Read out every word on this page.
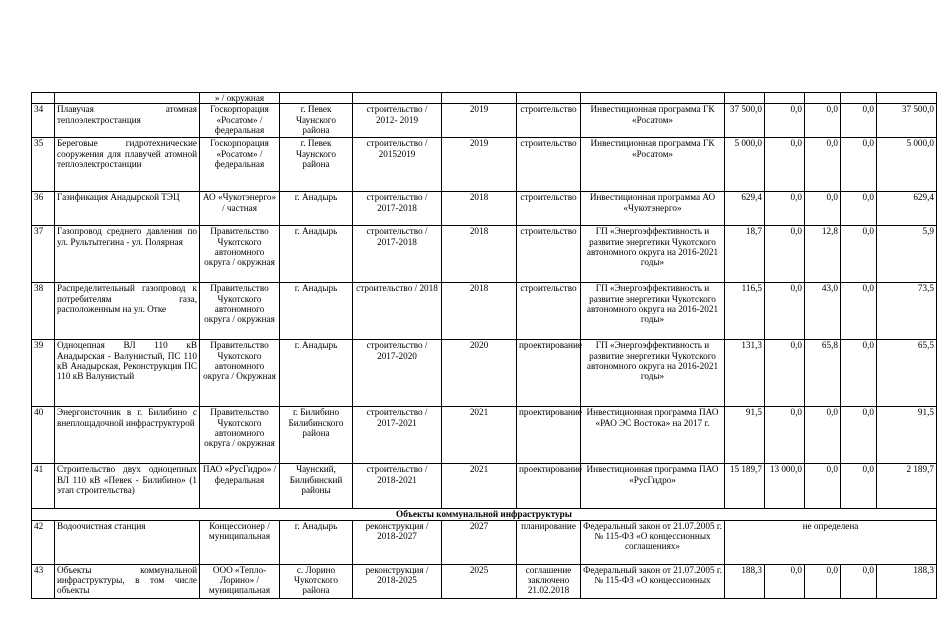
		» / окружная										
34	Плавучая атомная теплоэлектростанция	Госкорпорация «Росатом» / федеральная	г. Певек Чаунского района	строительство / 2012- 2019	2019	строительство	Инвестиционная программа ГК «Росатом»	37 500,0	0,0	0,0	0,0	37 500,0
35	Береговые гидротехнические сооружения для плавучей атомной теплоэлектростанции	Госкорпорация «Росатом» / федеральная	г. Певек Чаунского района	строительство / 20152019	2019	строительство	Инвестиционная программа ГК «Росатом»	5 000,0	0,0	0,0	0,0	5 000,0
36	Газификация Анадырской ТЭЦ	АО «Чукотэнерго» / частная	г. Анадырь	строительство / 2017-2018	2018	строительство	Инвестиционная программа АО «Чукотэнерго»	629,4	0,0	0,0	0,0	629,4
37	Газопровод среднего давления по ул. Рультытегина - ул. Полярная	Правительство Чукотского автономного округа / окружная	г. Анадырь	строительство / 2017-2018	2018	строительство	ГП «Энергоэффективность и развитие энергетики Чукотского автономного округа на 2016-2021 годы»	18,7	0,0	12,8	0,0	5,9
38	Распределительный газопровод к потребителям газа, расположенным на ул. Отке	Правительство Чукотского автономного округа / окружная	г. Анадырь	строительство / 2018	2018	строительство	ГП «Энергоэффективность и развитие энергетики Чукотского автономного округа на 2016-2021 годы»	116,5	0,0	43,0	0,0	73,5
39	Одноцепная ВЛ 110 кВ Анадырская - Валунистый, ПС 110 кВ Анадырская, Реконструкция ПС 110 кВ Валунистый	Правительство Чукотского автономного округа / Окружная	г. Анадырь	строительство / 2017-2020	2020	проектирование	ГП «Энергоэффективность и развитие энергетики Чукотского автономного округа на 2016-2021 годы»	131,3	0,0	65,8	0,0	65,5
40	Энергоисточник в г. Билибино с внеплощадочной инфраструктурой	Правительство Чукотского автономного округа / окружная	г. Билибино Билибинского района	строительство / 2017-2021	2021	проектирование	Инвестиционная программа ПАО «РАО ЭС Востока» на 2017 г.	91,5	0,0	0,0	0,0	91,5
41	Строительство двух одноцепных ВЛ 110 кВ «Певек - Билибино» (1 этап строительства)	ПАО «РусГидро» / федеральная	Чаунский, Билибинский районы	строительство / 2018-2021	2021	проектирование	Инвестиционная программа ПАО «РусГидро»	15 189,7	13 000,0	0,0	0,0	2 189,7
Объекты коммунальной инфраструктуры												
42	Водоочистная станция	Концессионер / муниципальная	г. Анадырь	реконструкция / 2018-2027	2027	планирование	Федеральный закон от 21.07.2005 г. № 115-ФЗ «О концессионных соглашениях»	не определена				
43	Объекты коммунальной инфраструктуры, в том числе объекты	ООО «Тепло-Лорино» / муниципальная	с. Лорино Чукотского района	реконструкция / 2018-2025	2025	соглашение заключено 21.02.2018	Федеральный закон от 21.07.2005 г. № 115-ФЗ «О концессионных	188,3	0,0	0,0	0,0	188,3
